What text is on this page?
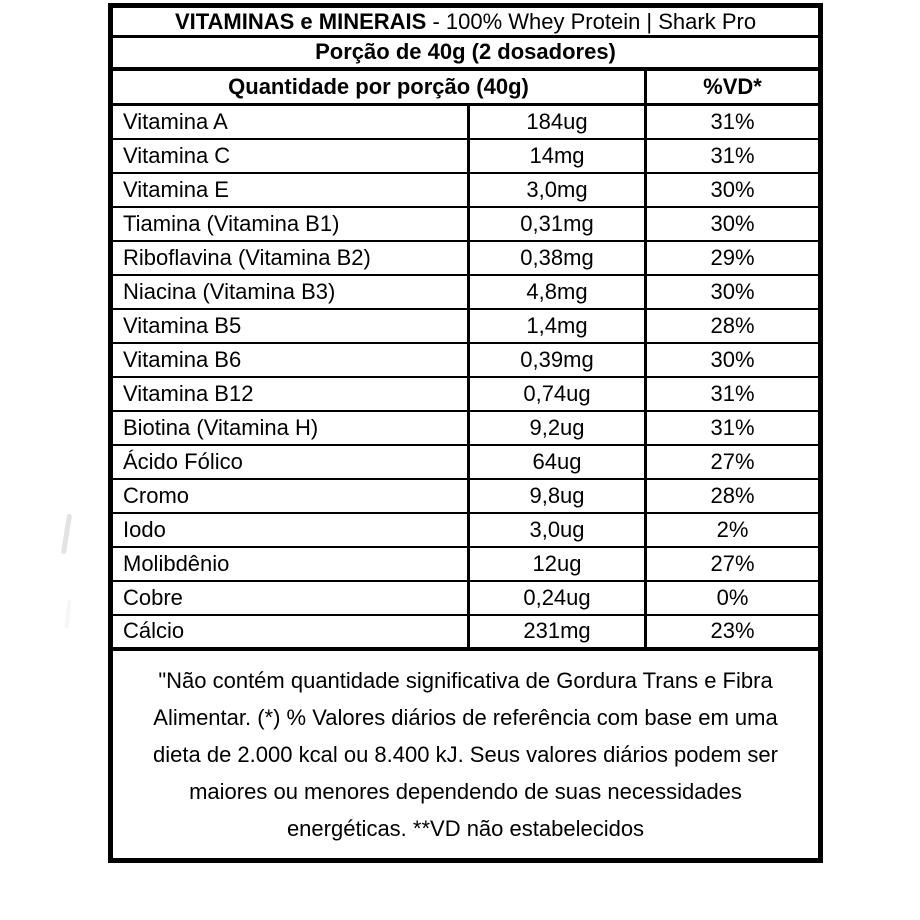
VITAMINAS e MINERAIS - 100% Whey Protein | Shark Pro		
Porção de 40g (2 dosadores)		
Quantidade por porção (40g)		%VD*
Vitamina A	184ug	31%
Vitamina C	14mg	31%
Vitamina E	3,0mg	30%
Tiamina (Vitamina B1)	0,31mg	30%
Riboflavina (Vitamina B2)	0,38mg	29%
Niacina (Vitamina B3)	4,8mg	30%
Vitamina B5	1,4mg	28%
Vitamina B6	0,39mg	30%
Vitamina B12	0,74ug	31%
Biotina (Vitamina H)	9,2ug	31%
Ácido Fólico	64ug	27%
Cromo	9,8ug	28%
Iodo	3,0ug	2%
Molibdênio	12ug	27%
Cobre	0,24ug	0%
Cálcio	231mg	23%

"Não contém quantidade significativa de Gordura Trans e Fibra
Alimentar. (*) % Valores diários de referência com base em uma
dieta de 2.000 kcal ou 8.400 kJ. Seus valores diários podem ser
maiores ou menores dependendo de suas necessidades
energéticas. **VD não estabelecidos		
